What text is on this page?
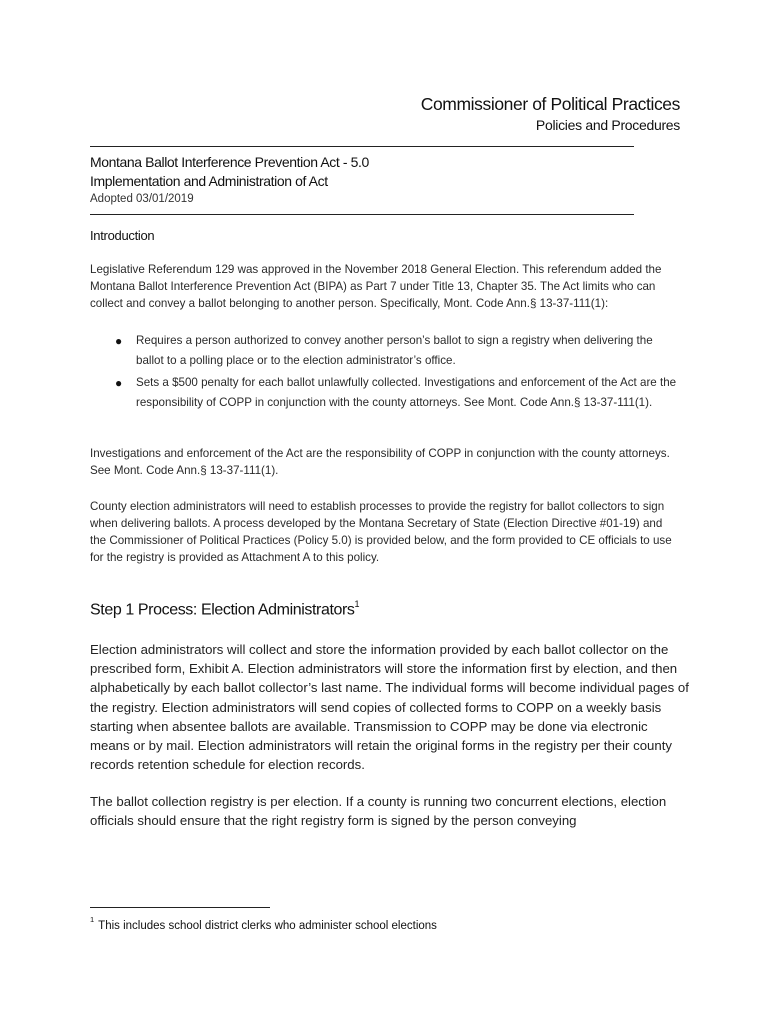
Commissioner of Political Practices
Policies and Procedures
Montana Ballot Interference Prevention Act - 5.0
Implementation and Administration of Act
Adopted 03/01/2019
Introduction

Legislative Referendum 129 was approved in the November 2018 General Election. This referendum added the Montana Ballot Interference Prevention Act (BIPA) as Part 7 under Title 13, Chapter 35. The Act limits who can collect and convey a ballot belonging to another person. Specifically, Mont. Code Ann.§ 13-37-111(1):

● Requires a person authorized to convey another person’s ballot to sign a registry when delivering the ballot to a polling place or to the election administrator’s office.
● Sets a $500 penalty for each ballot unlawfully collected. Investigations and enforcement of the Act are the responsibility of COPP in conjunction with the county attorneys. See Mont. Code Ann.§ 13-37-111(1).

Investigations and enforcement of the Act are the responsibility of COPP in conjunction with the county attorneys. See Mont. Code Ann.§ 13-37-111(1).

County election administrators will need to establish processes to provide the registry for ballot collectors to sign when delivering ballots. A process developed by the Montana Secretary of State (Election Directive #01-19) and the Commissioner of Political Practices (Policy 5.0) is provided below, and the form provided to CE officials to use for the registry is provided as Attachment A to this policy.

Step 1 Process: Election Administrators$^1$

Election administrators will collect and store the information provided by each ballot collector on the prescribed form, Exhibit A. Election administrators will store the information first by election, and then alphabetically by each ballot collector’s last name. The individual forms will become individual pages of the registry. Election administrators will send copies of collected forms to COPP on a weekly basis starting when absentee ballots are available. Transmission to COPP may be done via electronic means or by mail. Election administrators will retain the original forms in the registry per their county records retention schedule for election records.

The ballot collection registry is per election. If a county is running two concurrent elections, election officials should ensure that the right registry form is signed by the person conveying

$^1$This includes school district clerks who administer school elections
